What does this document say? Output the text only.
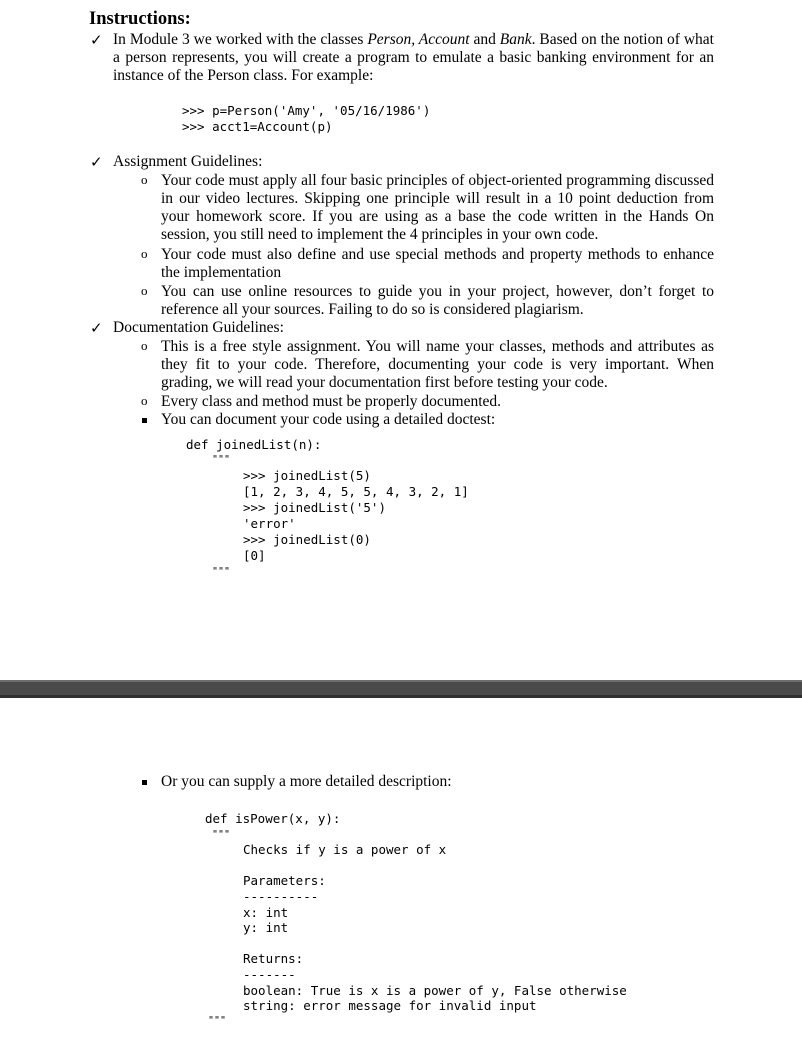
Instructions:
✓ In Module 3 we worked with the classes Person, Account and Bank. Based on the notion of what a person represents, you will create a program to emulate a basic banking environment for an instance of the Person class. For example:
>>> p=Person('Amy', '05/16/1986')
>>> acct1=Account(p)
✓ Assignment Guidelines:
o Your code must apply all four basic principles of object-oriented programming discussed in our video lectures. Skipping one principle will result in a 10 point deduction from your homework score. If you are using as a base the code written in the Hands On session, you still need to implement the 4 principles in your own code.
o Your code must also define and use special methods and property methods to enhance the implementation
o You can use online resources to guide you in your project, however, don’t forget to reference all your sources. Failing to do so is considered plagiarism.
✓ Documentation Guidelines:
o This is a free style assignment. You will name your classes, methods and attributes as they fit to your code. Therefore, documenting your code is very important. When grading, we will read your documentation first before testing your code.
o Every class and method must be properly documented.
You can document your code using a detailed doctest:
def joinedList(n):
"""
>>> joinedList(5)
[1, 2, 3, 4, 5, 5, 4, 3, 2, 1]
>>> joinedList('5')
'error'
>>> joinedList(0)
[0]
"""
Or you can supply a more detailed description:
def isPower(x, y):
"""
Checks if y is a power of x
Parameters:
----------
x: int
y: int
Returns:
-------
boolean: True is x is a power of y, False otherwise
string: error message for invalid input
"""
